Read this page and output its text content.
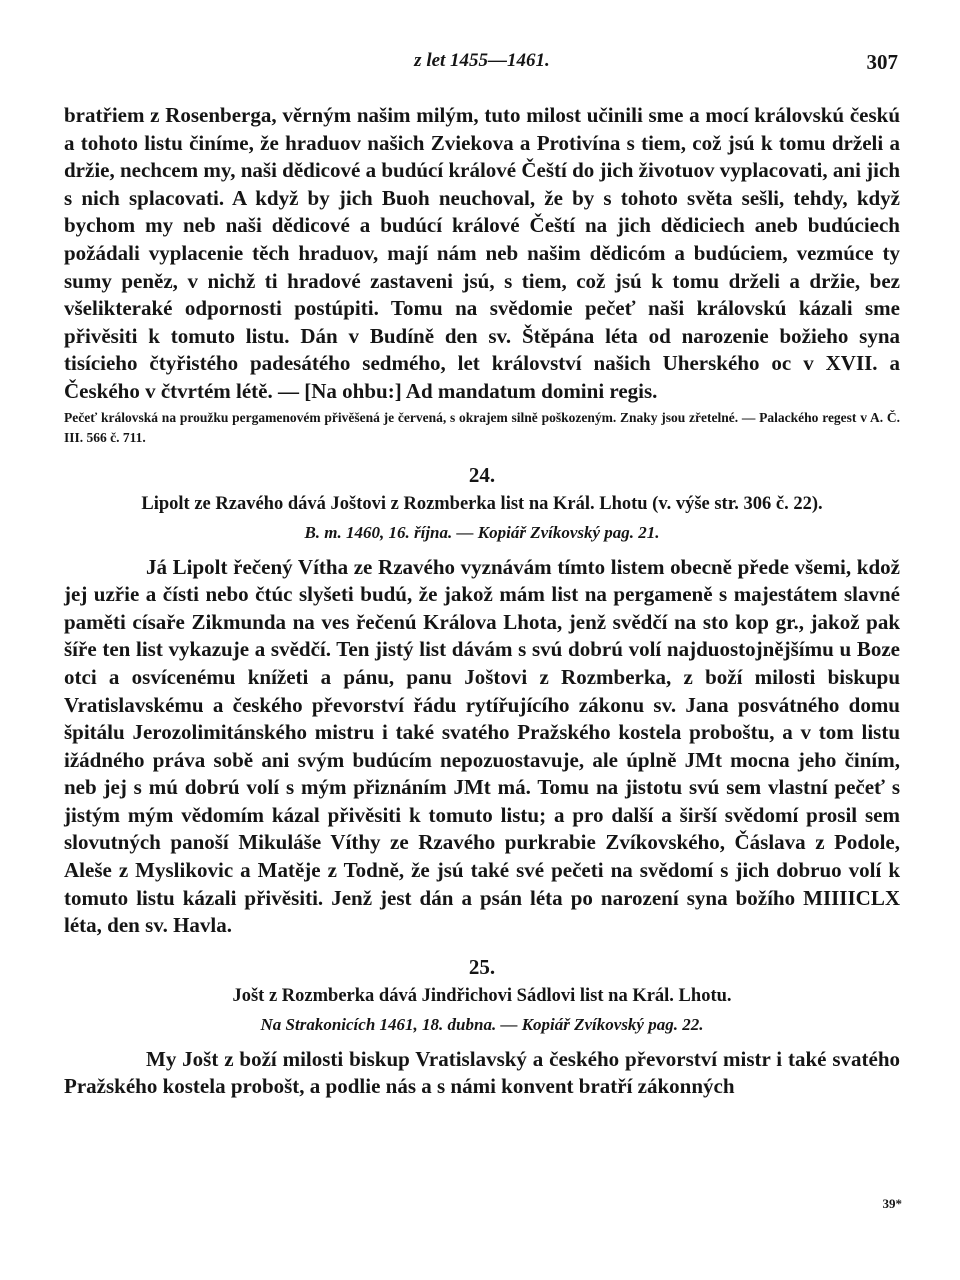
z let 1455—1461.	307

bratřiem z Rosenberga, věrným našim milým, tuto milost učinili sme a mocí královskú českú a tohoto listu činíme, že hraduov našich Zviekova a Protivína s tiem, což jsú k tomu drželi a držie, nechcem my, naši dědicové a budúcí králové Čeští do jich životuov vyplacovati, ani jich s nich splacovati. A když by jich Buoh neuchoval, že by s tohoto světa sešli, tehdy, když bychom my neb naši dědicové a budúcí králové Čeští na jich dědiciech aneb budúciech požádali vyplacenie těch hraduov, mají nám neb našim dědicóm a budúciem, vezmúce ty sumy peněz, v nichž ti hradové zastaveni jsú, s tiem, což jsú k tomu drželi a držie, bez všelikteraké odpornosti postúpiti. Tomu na svědomie pečeť naši královskú kázali sme přivěsiti k tomuto listu. Dán v Budíně den sv. Štěpána léta od narozenie božieho syna tisícieho čtyřistého padesátého sedmého, let království našich Uherského oc v XVII. a Českého v čtvrtém létě. — [Na ohbu:] Ad mandatum domini regis.

Pečeť královská na proužku pergamenovém přivěšená je červená, s okrajem silně poškozeným. Znaky jsou zřetelné. — Palackého regest v A. Č. III. 566 č. 711.

24.

Lipolt ze Rzavého dává Joštovi z Rozmberka list na Král. Lhotu (v. výše str. 306 č. 22).

B. m. 1460, 16. října. — Kopiář Zvíkovský pag. 21.

Já Lipolt řečený Vítha ze Rzavého vyznávám tímto listem obecně přede všemi, kdož jej uzřie a čísti nebo čtúc slyšeti budú, že jakož mám list na pergameně s majestátem slavné paměti císaře Zikmunda na ves řečenú Králova Lhota, jenž svědčí na sto kop gr., jakož pak šíře ten list vykazuje a svědčí. Ten jistý list dávám s svú dobrú volí najduostojnějšímu u Boze otci a osvícenému knížeti a pánu, panu Joštovi z Rozmberka, z boží milosti biskupu Vratislavskému a českého převorství řádu rytířujícího zákonu sv. Jana posvátného domu špitálu Jerozolimitánského mistru i také svatého Pražského kostela proboštu, a v tom listu ižádného práva sobě ani svým budúcím nepozuostavuje, ale úplně JMt mocna jeho činím, neb jej s mú dobrú volí s mým přiznáním JMt má. Tomu na jistotu svú sem vlastní pečeť s jistým mým vědomím kázal přivěsiti k tomuto listu; a pro další a širší svědomí prosil sem slovutných panoší Mikuláše Víthy ze Rzavého purkrabie Zvíkovského, Čáslava z Podole, Aleše z Myslikovic a Matěje z Todně, že jsú také své pečeti na svědomí s jich dobruo volí k tomuto listu kázali přivěsiti. Jenž jest dán a psán léta po narození syna božího MIIIICLX léta, den sv. Havla.

25.

Jošt z Rozmberka dává Jindřichovi Sádlovi list na Král. Lhotu.

Na Strakonicích 1461, 18. dubna. — Kopiář Zvíkovský pag. 22.

My Jošt z boží milosti biskup Vratislavský a českého převorství mistr i také svatého Pražského kostela probošt, a podlie nás a s námi konvent bratří zákonných

39*
